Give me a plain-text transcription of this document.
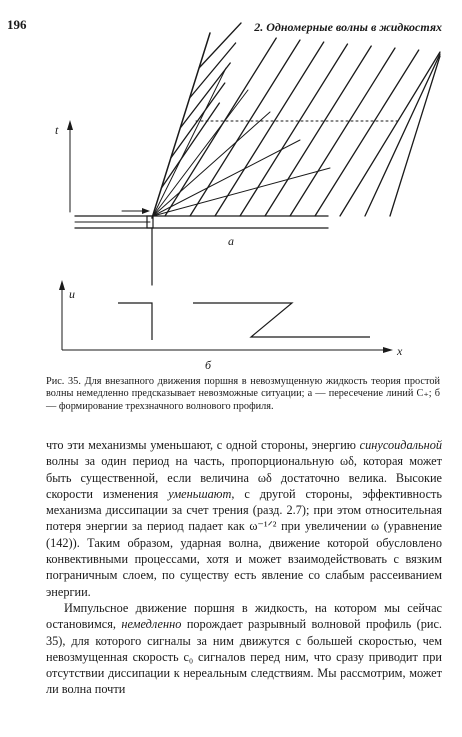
196	2. Одномерные волны в жидкостях
t
a
u
x
б
Рис. 35. Для внезапного движения поршня в невозмущенную жидкость теория простой волны немедленно предсказывает невозможные ситуации; а — пересечение линий C₊; б — формирование трехзначного волнового профиля.

что эти механизмы уменьшают, с одной стороны, энергию синусоидальной волны за один период на часть, пропорциональную ωδ, которая может быть существенной, если величина ωδ достаточно велика. Высокие скорости изменения уменьшают, с другой стороны, эффективность механизма диссипации за счет трения (разд. 2.7); при этом относительная потеря энергии за период падает как ω⁻¹ᐟ² при увеличении ω (уравнение (142)). Таким образом, ударная волна, движение которой обусловлено конвективными процессами, хотя и может взаимодействовать с вязким пограничным слоем, по существу есть явление со слабым рассеиванием энергии.

Импульсное движение поршня в жидкость, на котором мы сейчас остановимся, немедленно порождает разрывный волновой профиль (рис. 35), для которого сигналы за ним движутся с большей скоростью, чем невозмущенная скорость c₀ сигналов перед ним, что сразу приводит при отсутствии диссипации к нереальным следствиям. Мы рассмотрим, может ли волна почти
